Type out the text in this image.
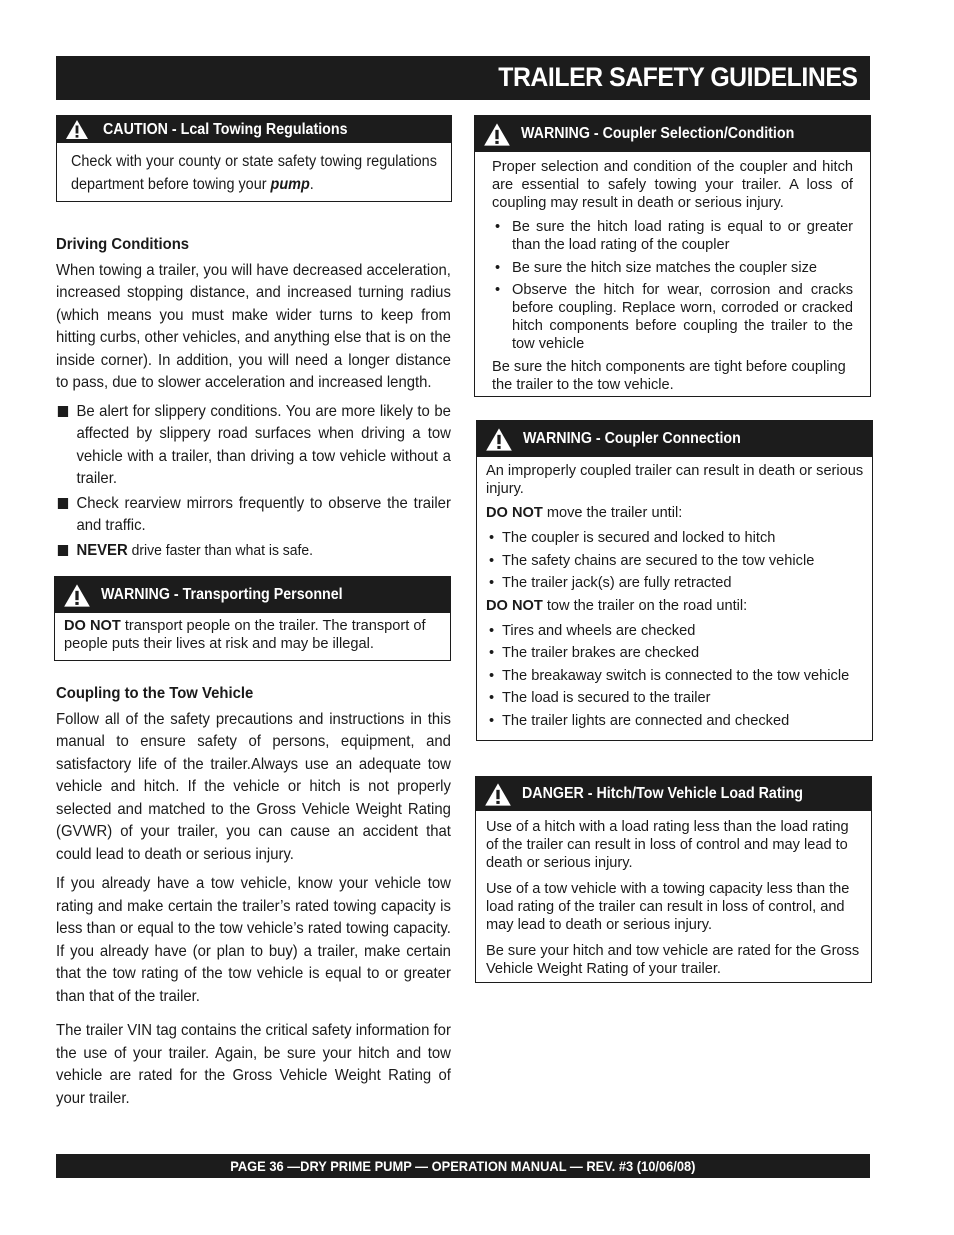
TRAILER SAFETY GUIDELINES
CAUTION - Lcal Towing Regulations
Check with your county or state safety towing regulations department before towing your pump.
Driving Conditions

When towing a trailer, you will have decreased acceleration, increased stopping distance, and increased turning radius (which means you must make wider turns to keep from hitting curbs, other vehicles, and anything else that is on the inside corner). In addition, you will need a longer distance to pass, due to slower acceleration and increased length.

Be alert for slippery conditions. You are more likely to be affected by slippery road surfaces when driving a tow vehicle with a trailer, than driving a tow vehicle without a trailer.
Check rearview mirrors frequently to observe the trailer and traffic.
NEVER drive faster than what is safe.
WARNING - Transporting Personnel
DO NOT transport people on the trailer. The transport of people puts their lives at risk and may be illegal.
Coupling to the Tow Vehicle

Follow all of the safety precautions and instructions in this manual to ensure safety of persons, equipment, and satisfactory life of the trailer.Always use an adequate tow vehicle and hitch. If the vehicle or hitch is not properly selected and matched to the Gross Vehicle Weight Rating (GVWR) of your trailer, you can cause an accident that could lead to death or serious injury.

If you already have a tow vehicle, know your vehicle tow rating and make certain the trailer’s rated towing capacity is less than or equal to the tow vehicle’s rated towing capacity. If you already have (or plan to buy) a trailer, make certain that the tow rating of the tow vehicle is equal to or greater than that of the trailer.

The trailer VIN tag contains the critical safety information for the use of your trailer. Again, be sure your hitch and tow vehicle are rated for the Gross Vehicle Weight Rating of your trailer.

WARNING - Coupler Selection/Condition

Proper selection and condition of the coupler and hitch are essential to safely towing your trailer. A loss of coupling may result in death or serious injury.

• Be sure the hitch load rating is equal to or greater than the load rating of the coupler
• Be sure the hitch size matches the coupler size
• Observe the hitch for wear, corrosion and cracks before coupling. Replace worn, corroded or cracked hitch components before coupling the trailer to the tow vehicle

Be sure the hitch components are tight before coupling the trailer to the tow vehicle.

WARNING - Coupler Connection

An improperly coupled trailer can result in death or serious injury.

DO NOT move the trailer until:

• The coupler is secured and locked to hitch
• The safety chains are secured to the tow vehicle
• The trailer jack(s) are fully retracted

DO NOT tow the trailer on the road until:

• Tires and wheels are checked
• The trailer brakes are checked
• The breakaway switch is connected to the tow vehicle
• The load is secured to the trailer
• The trailer lights are connected and checked
DANGER - Hitch/Tow Vehicle Load Rating

Use of a hitch with a load rating less than the load rating of the trailer can result in loss of control and may lead to death or serious injury.

Use of a tow vehicle with a towing capacity less than the load rating of the trailer can result in loss of control, and may lead to death or serious injury.

Be sure your hitch and tow vehicle are rated for the Gross Vehicle Weight Rating of your trailer.

PAGE 36 —DRY PRIME PUMP — OPERATION MANUAL — REV. #3 (10/06/08)
